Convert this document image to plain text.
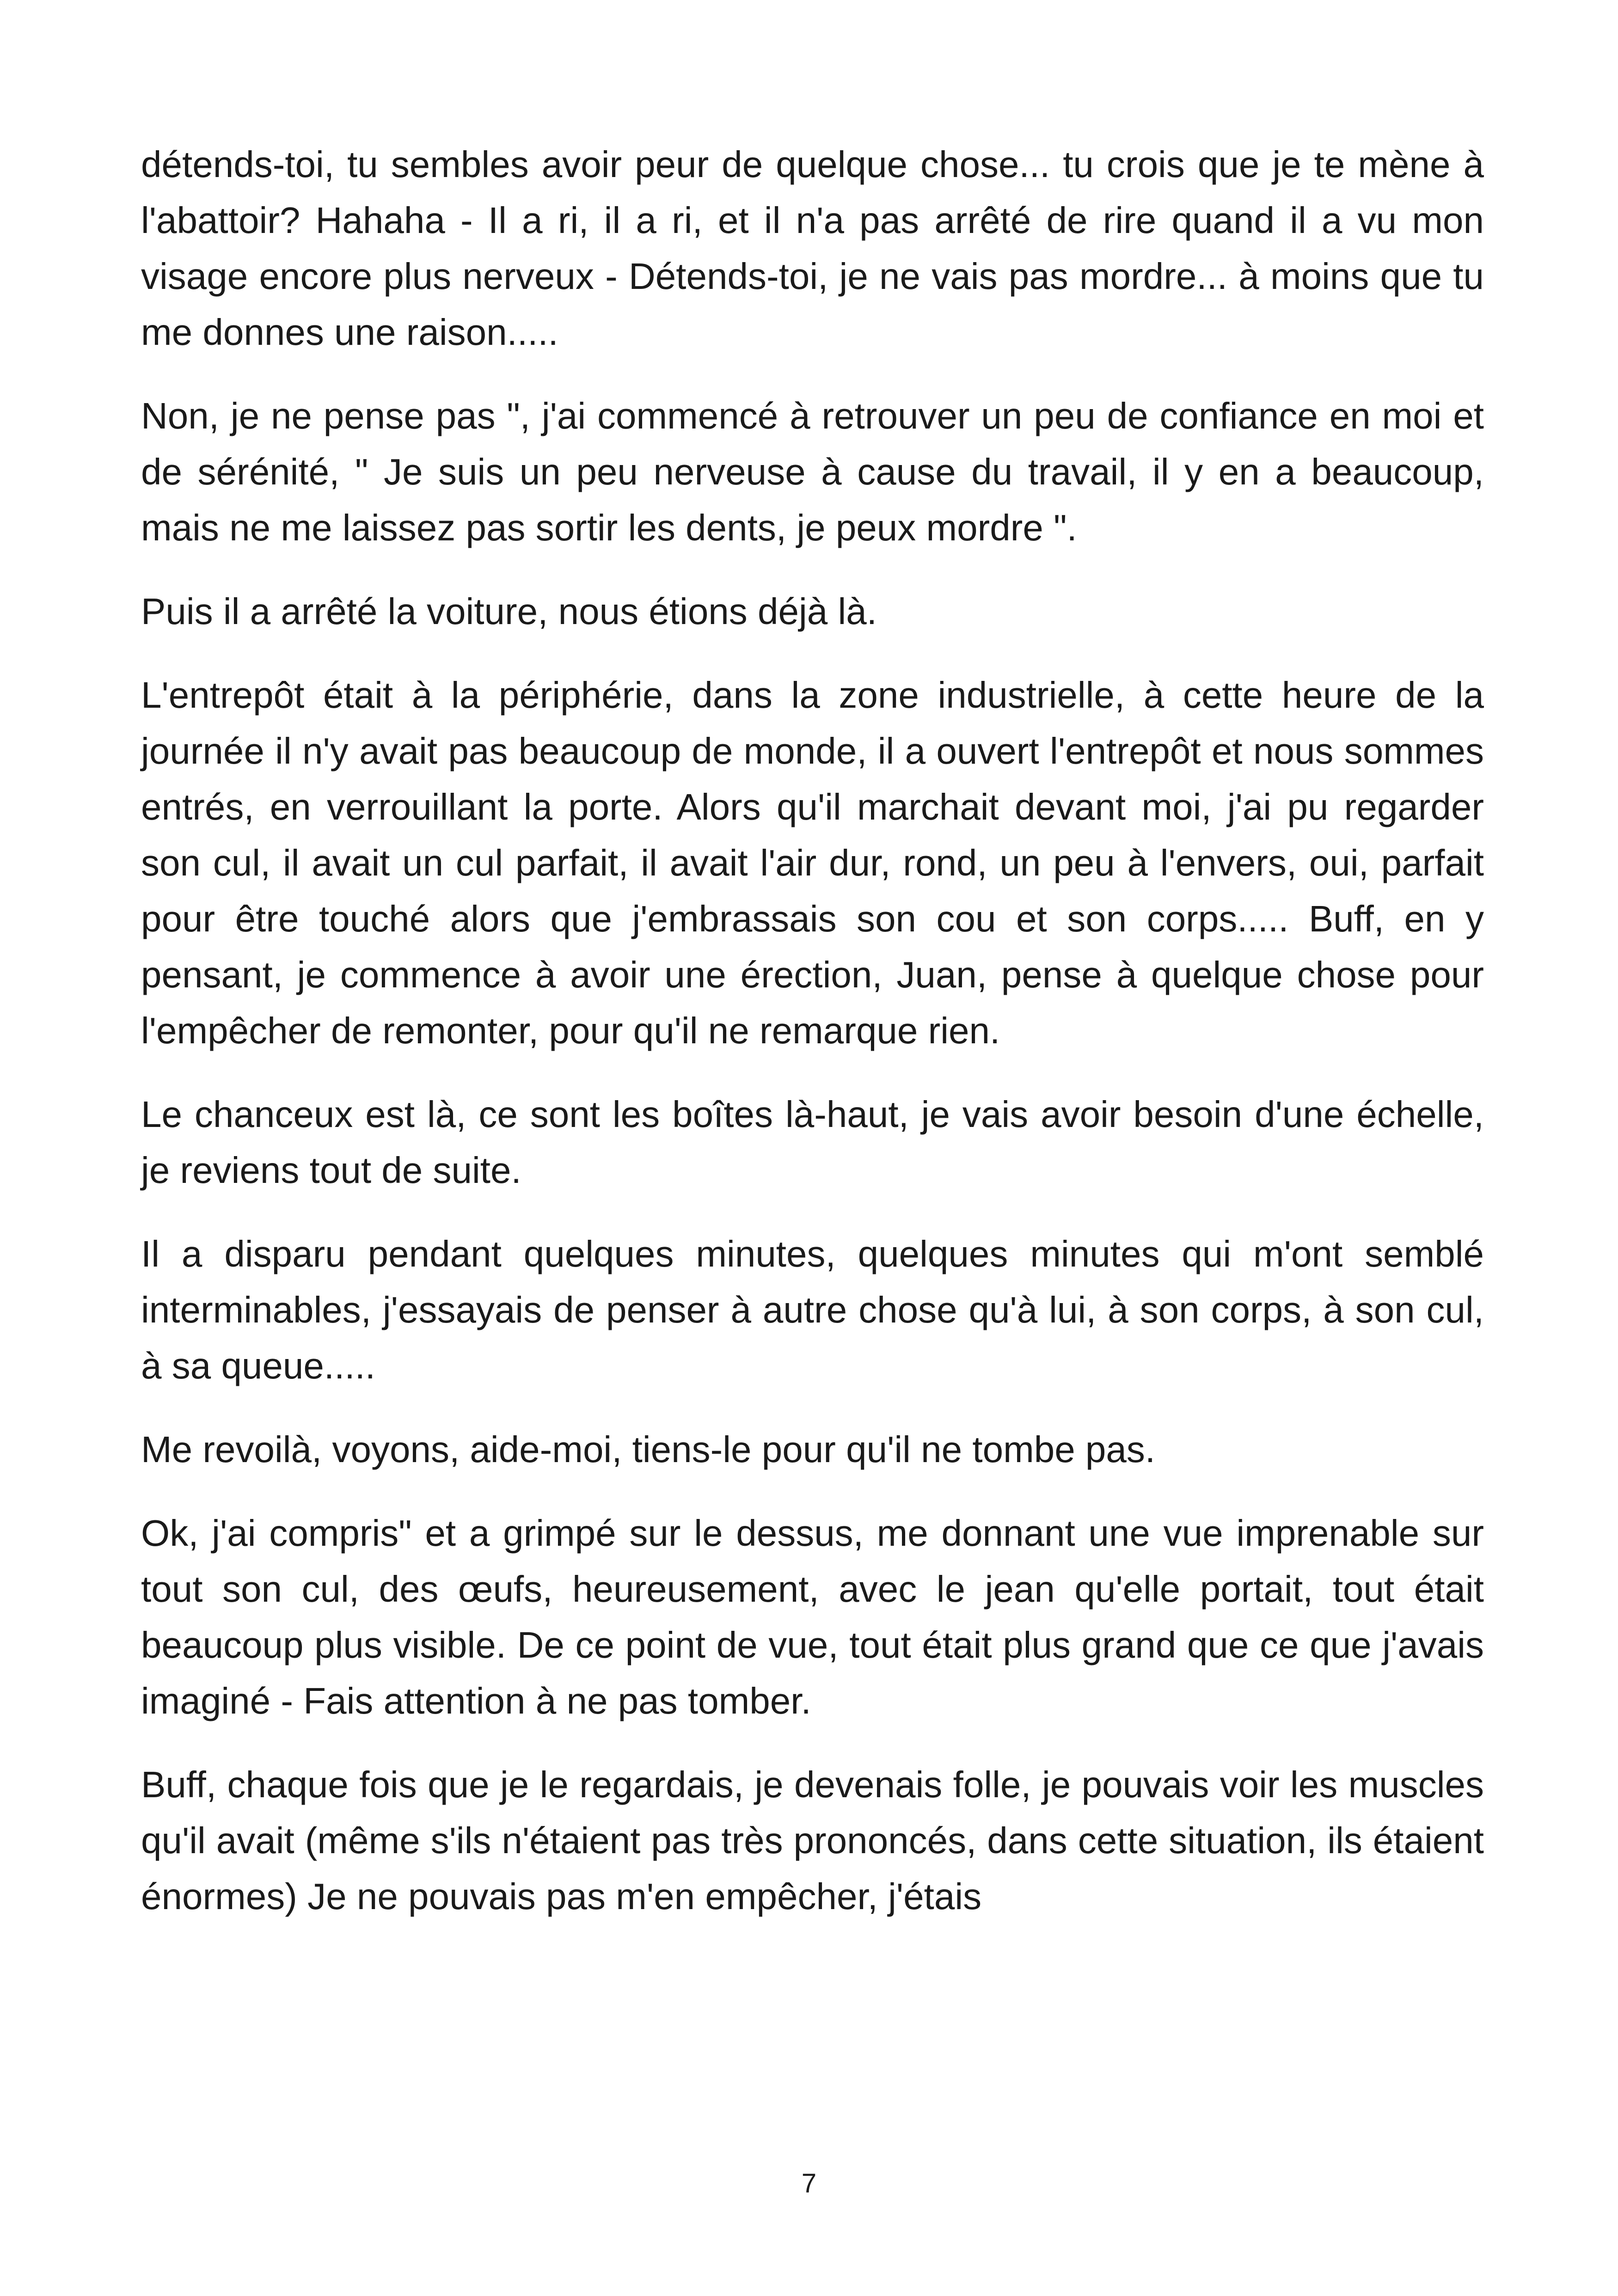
détends-toi, tu sembles avoir peur de quelque chose... tu crois que je te mène à l'abattoir? Hahaha - Il a ri, il a ri, et il n'a pas arrêté de rire quand il a vu mon visage encore plus nerveux - Détends-toi, je ne vais pas mordre... à moins que tu me donnes une raison.....

Non, je ne pense pas ", j'ai commencé à retrouver un peu de confiance en moi et de sérénité, " Je suis un peu nerveuse à cause du travail, il y en a beaucoup, mais ne me laissez pas sortir les dents, je peux mordre ".

Puis il a arrêté la voiture, nous étions déjà là.

L'entrepôt était à la périphérie, dans la zone industrielle, à cette heure de la journée il n'y avait pas beaucoup de monde, il a ouvert l'entrepôt et nous sommes entrés, en verrouillant la porte. Alors qu'il marchait devant moi, j'ai pu regarder son cul, il avait un cul parfait, il avait l'air dur, rond, un peu à l'envers, oui, parfait pour être touché alors que j'embrassais son cou et son corps..... Buff, en y pensant, je commence à avoir une érection, Juan, pense à quelque chose pour l'empêcher de remonter, pour qu'il ne remarque rien.

Le chanceux est là, ce sont les boîtes là-haut, je vais avoir besoin d'une échelle, je reviens tout de suite.

Il a disparu pendant quelques minutes, quelques minutes qui m'ont semblé interminables, j'essayais de penser à autre chose qu'à lui, à son corps, à son cul, à sa queue.....

Me revoilà, voyons, aide-moi, tiens-le pour qu'il ne tombe pas.

Ok, j'ai compris" et a grimpé sur le dessus, me donnant une vue imprenable sur tout son cul, des œufs, heureusement, avec le jean qu'elle portait, tout était beaucoup plus visible. De ce point de vue, tout était plus grand que ce que j'avais imaginé - Fais attention à ne pas tomber.

Buff, chaque fois que je le regardais, je devenais folle, je pouvais voir les muscles qu'il avait (même s'ils n'étaient pas très prononcés, dans cette situation, ils étaient énormes) Je ne pouvais pas m'en empêcher, j'étais

7
